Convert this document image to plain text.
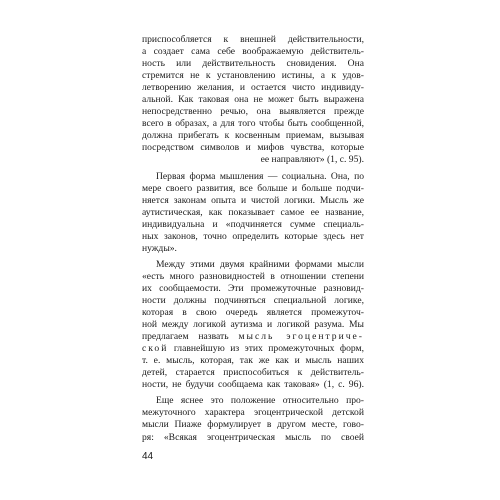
приспособляется к внешней действительности,
а создает сама себе воображаемую действитель-
ность или действительность сновидения. Она
стремится не к установлению истины, а к удов-
летворению желания, и остается чисто индивиду-
альной. Как таковая она не может быть выражена
непосредственно речью, она выявляется прежде
всего в образах, а для того чтобы быть сообщенной,
должна прибегать к косвенным приемам, вызывая
посредством символов и мифов чувства, которые
ее направляют» (1, с. 95).
Первая форма мышления — социальна. Она, по
мере своего развития, все больше и больше подчи-
няется законам опыта и чистой логики. Мысль же
аутистическая, как показывает самое ее название,
индивидуальна и «подчиняется сумме специаль-
ных законов, точно определить которые здесь нет
нужды».
Между этими двумя крайними формами мысли
«есть много разновидностей в отношении степени
их сообщаемости. Эти промежуточные разновид-
ности должны подчиняться специальной логике,
которая в свою очередь является промежуточ-
ной между логикой аутизма и логикой разума. Мы
предлагаем назвать мысль эгоцентриче-
ской главнейшую из этих промежуточных форм,
т. е. мысль, которая, так же как и мысль наших
детей, старается приспособиться к действитель-
ности, не будучи сообщаема как таковая» (1, с. 96).
Еще яснее это положение относительно про-
межуточного характера эгоцентрической детской
мысли Пиаже формулирует в другом месте, гово-
ря: «Всякая эгоцентрическая мысль по своей
44
